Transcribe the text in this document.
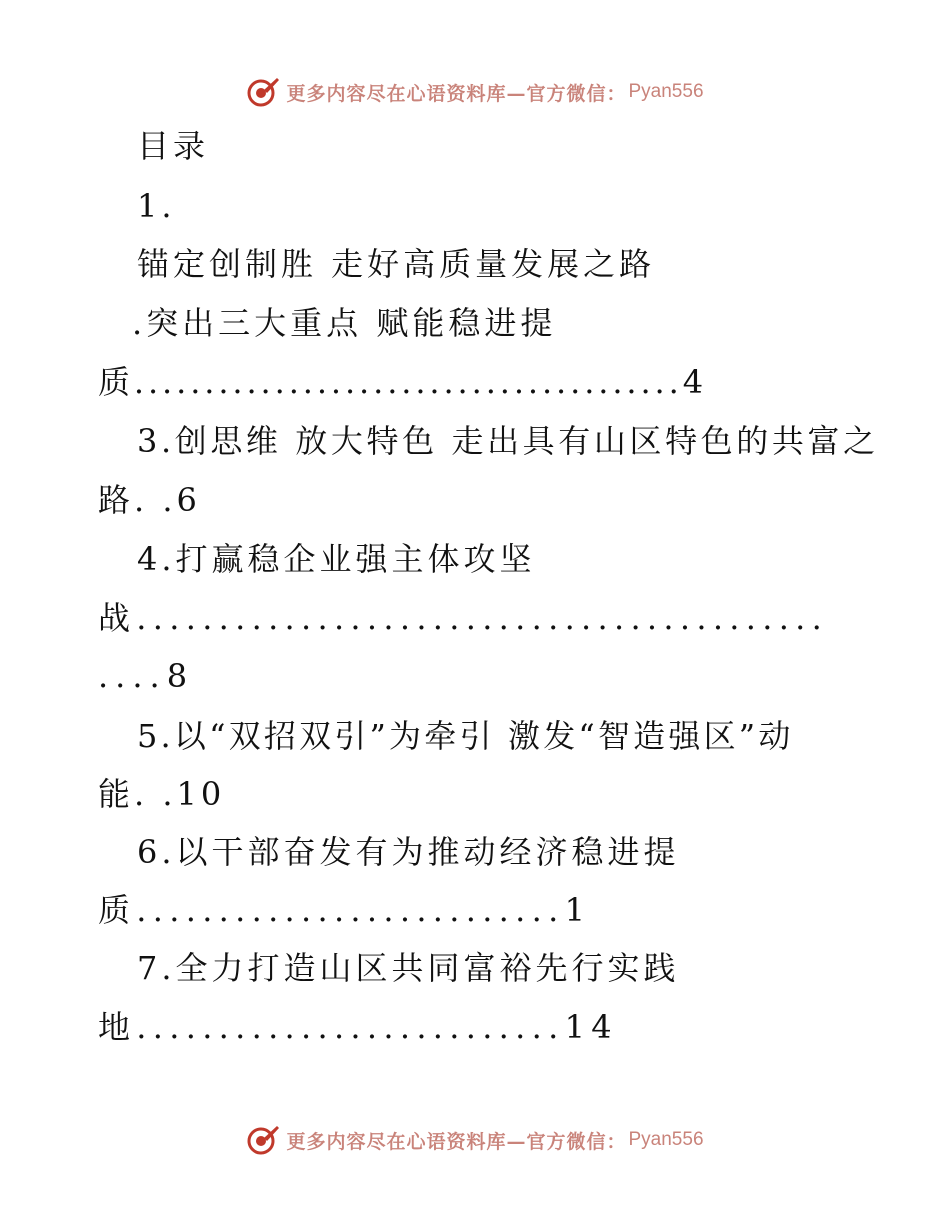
更多内容尽在心语资料库—官方微信： Pyan556

目录

1.

锚定创制胜 走好高质量发展之路

.突出三大重点 赋能稳进提

质.......................................4

3.创思维 放大特色 走出具有山区特色的共富之

路. .6

4.打赢稳企业强主体攻坚

战..........................................

....8

5.以“双招双引”为牵引 激发“智造强区”动

能. .10

6.以干部奋发有为推动经济稳进提

质..........................1

7.全力打造山区共同富裕先行实践

地..........................14

更多内容尽在心语资料库—官方微信： Pyan556
